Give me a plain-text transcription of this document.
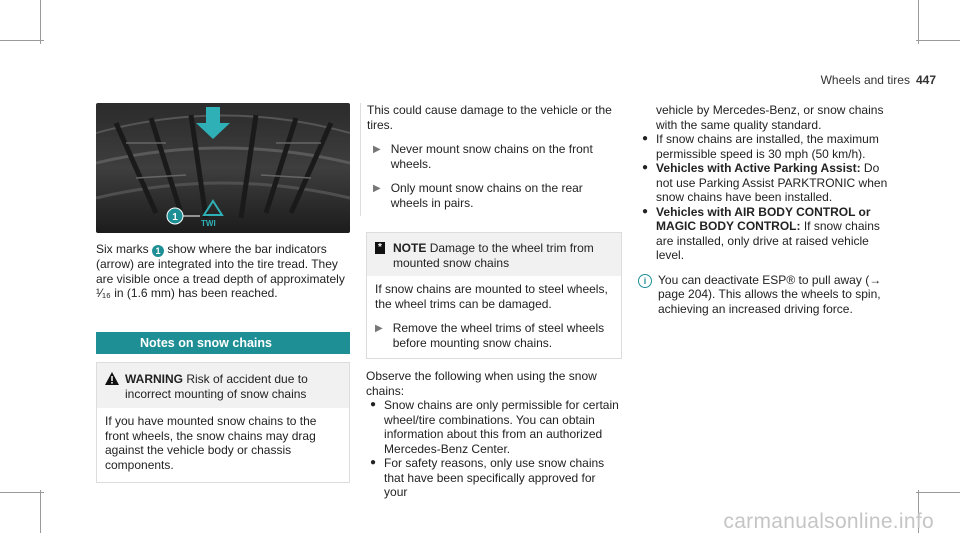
Wheels and tires 447
TWI
1
Six marks 1 show where the bar indicators (arrow) are integrated into the tire tread. They are visible once a tread depth of approximately ¹⁄₁₆ in (1.6 mm) has been reached.
Notes on snow chains
WARNING Risk of accident due to incorrect mounting of snow chains

If you have mounted snow chains to the front wheels, the snow chains may drag against the vehicle body or chassis components.

This could cause damage to the vehicle or the tires.
▶ Never mount snow chains on the front wheels.
▶ Only mount snow chains on the rear wheels in pairs.
* NOTE Damage to the wheel trim from mounted snow chains
If snow chains are mounted to steel wheels, the wheel trims can be damaged.
▶ Remove the wheel trims of steel wheels before mounting snow chains.
Observe the following when using the snow chains:
● Snow chains are only permissible for certain wheel/tire combinations. You can obtain information about this from an authorized Mercedes-Benz Center.
● For safety reasons, only use snow chains that have been specifically approved for your
vehicle by Mercedes-Benz, or snow chains with the same quality standard.
● If snow chains are installed, the maximum permissible speed is 30 mph (50 km/h).
● Vehicles with Active Parking Assist: Do not use Parking Assist PARKTRONIC when snow chains have been installed.
● Vehicles with AIR BODY CONTROL or MAGIC BODY CONTROL: If snow chains are installed, only drive at raised vehicle level.
i You can deactivate ESP® to pull away (→ page 204). This allows the wheels to spin, achieving an increased driving force.
carmanualsonline.info
